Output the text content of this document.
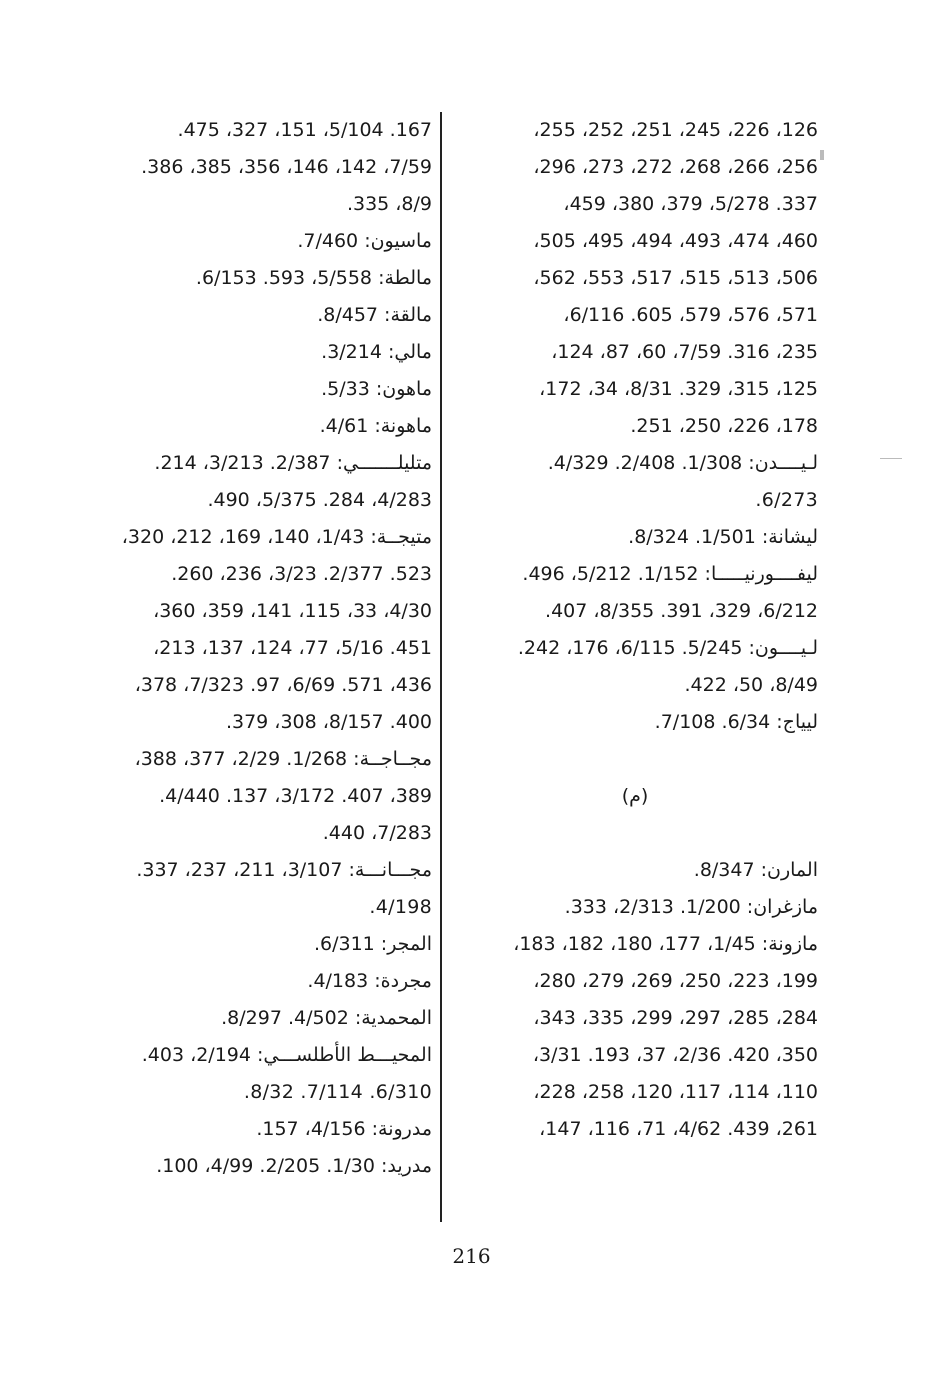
126، 226، 245، 251، 252، 255،
256، 266، 268، 272، 273، 296،
337. 5/278، 379، 380، 459،
460، 474، 493، 494، 495، 505،
506، 513، 515، 517، 553، 562،
571، 576، 579، 605. 6/116،
235، 316. 7/59، 60، 87، 124،
125، 315، 329. 8/31، 34، 172،
178، 226، 250، 251.
لـيــــدن: 1/308. 2/408. 4/329.
6/273.
ليشانة: 1/501. 8/324.
ليفــــورنيـــــا: 1/152. 5/212، 496.
6/212، 329، 391. 8/355، 407.
لـيــــون: 5/245. 6/115، 176، 242.
8/49، 50، 422.
ليياج: 6/34. 7/108.
(م)
المارن: 8/347.
مازغران: 1/200. 2/313، 333.
مازونة: 1/45، 177، 180، 182، 183،
199، 223، 250، 269، 279، 280،
284، 285، 297، 299، 335، 343،
350، 420. 2/36، 37، 193. 3/31،
110، 114، 117، 120، 258، 228،
261، 439. 4/62، 71، 116، 147،
167. 5/104، 151، 327، 475.
7/59، 142، 146، 356، 385، 386.
8/9، 335.
ماسيون: 7/460.
مالطة: 5/558، 593. 6/153.
مالقة: 8/457.
مالي: 3/214.
ماهون: 5/33.
ماهونة: 4/61.
متليلـــــــي: 2/387. 3/213، 214.
4/283، 284. 5/375، 490.
متيجــة: 1/43، 140، 169، 212، 320،
523. 2/377. 3/23، 236، 260.
4/30، 33، 115، 141، 359، 360،
451. 5/16، 77، 124، 137، 213،
436، 571. 6/69، 97. 7/323، 378،
400. 8/157، 308، 379.
مجــاجــة: 1/268. 2/29، 377، 388،
389، 407. 3/172، 137. 4/440.
7/283، 440.
مجـــانـــة: 3/107، 211، 237، 337.
4/198.
المجر: 6/311.
مجردة: 4/183.
المحمدية: 4/502. 8/297.
المحيـــط الأطلســـي: 2/194، 403.
6/310. 7/114. 8/32.
مدرونة: 4/156، 157.
مدريد: 1/30. 2/205. 4/99، 100.
216
